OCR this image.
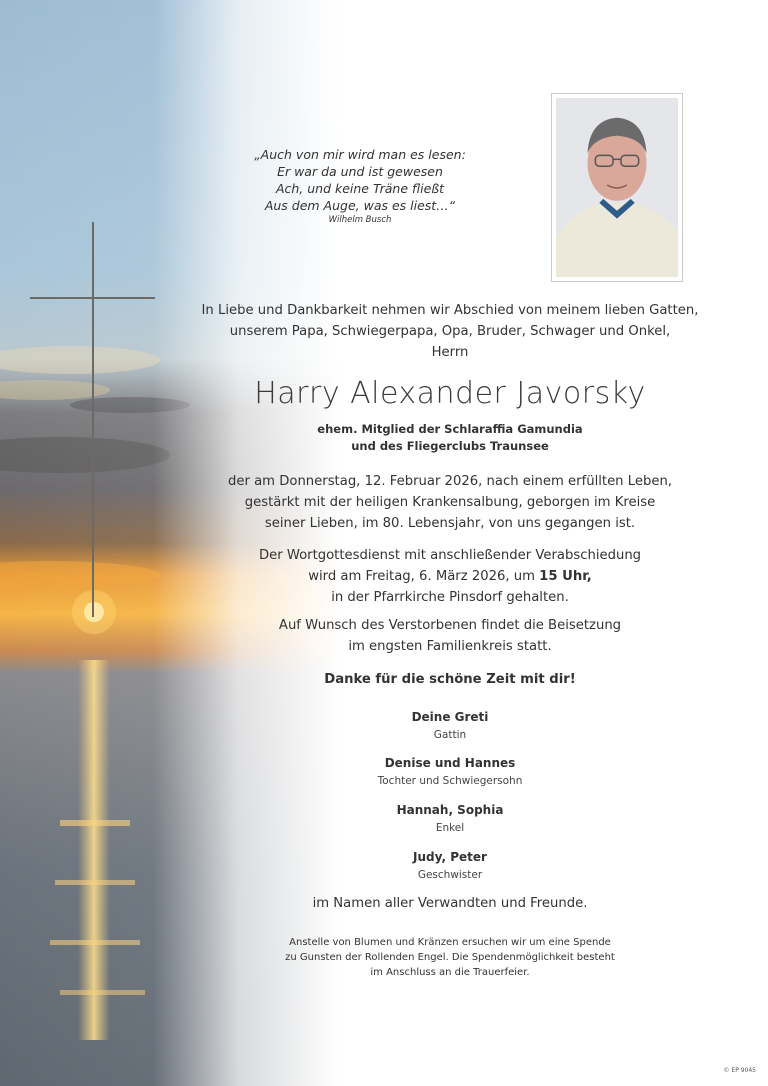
„Auch von mir wird man es lesen:
Er war da und ist gewesen
Ach, und keine Träne fließt
Aus dem Auge, was es liest…“
Wilhelm Busch
In Liebe und Dankbarkeit nehmen wir Abschied von meinem lieben Gatten,
unserem Papa, Schwiegerpapa, Opa, Bruder, Schwager und Onkel,
Herrn
Harry Alexander Javorsky
ehem. Mitglied der Schlaraffia Gamundia
und des Fliegerclubs Traunsee
der am Donnerstag, 12. Februar 2026, nach einem erfüllten Leben,
gestärkt mit der heiligen Krankensalbung, geborgen im Kreise
seiner Lieben, im 80. Lebensjahr, von uns gegangen ist.
Der Wortgottesdienst mit anschließender Verabschiedung
wird am Freitag, 6. März 2026, um 15 Uhr,
in der Pfarrkirche Pinsdorf gehalten.
Auf Wunsch des Verstorbenen findet die Beisetzung
im engsten Familienkreis statt.
Danke für die schöne Zeit mit dir!
Deine Greti
Gattin
Denise und Hannes
Tochter und Schwiegersohn
Hannah, Sophia
Enkel
Judy, Peter
Geschwister
im Namen aller Verwandten und Freunde.
Anstelle von Blumen und Kränzen ersuchen wir um eine Spende
zu Gunsten der Rollenden Engel. Die Spendenmöglichkeit besteht
im Anschluss an die Trauerfeier.
© EP 9045
